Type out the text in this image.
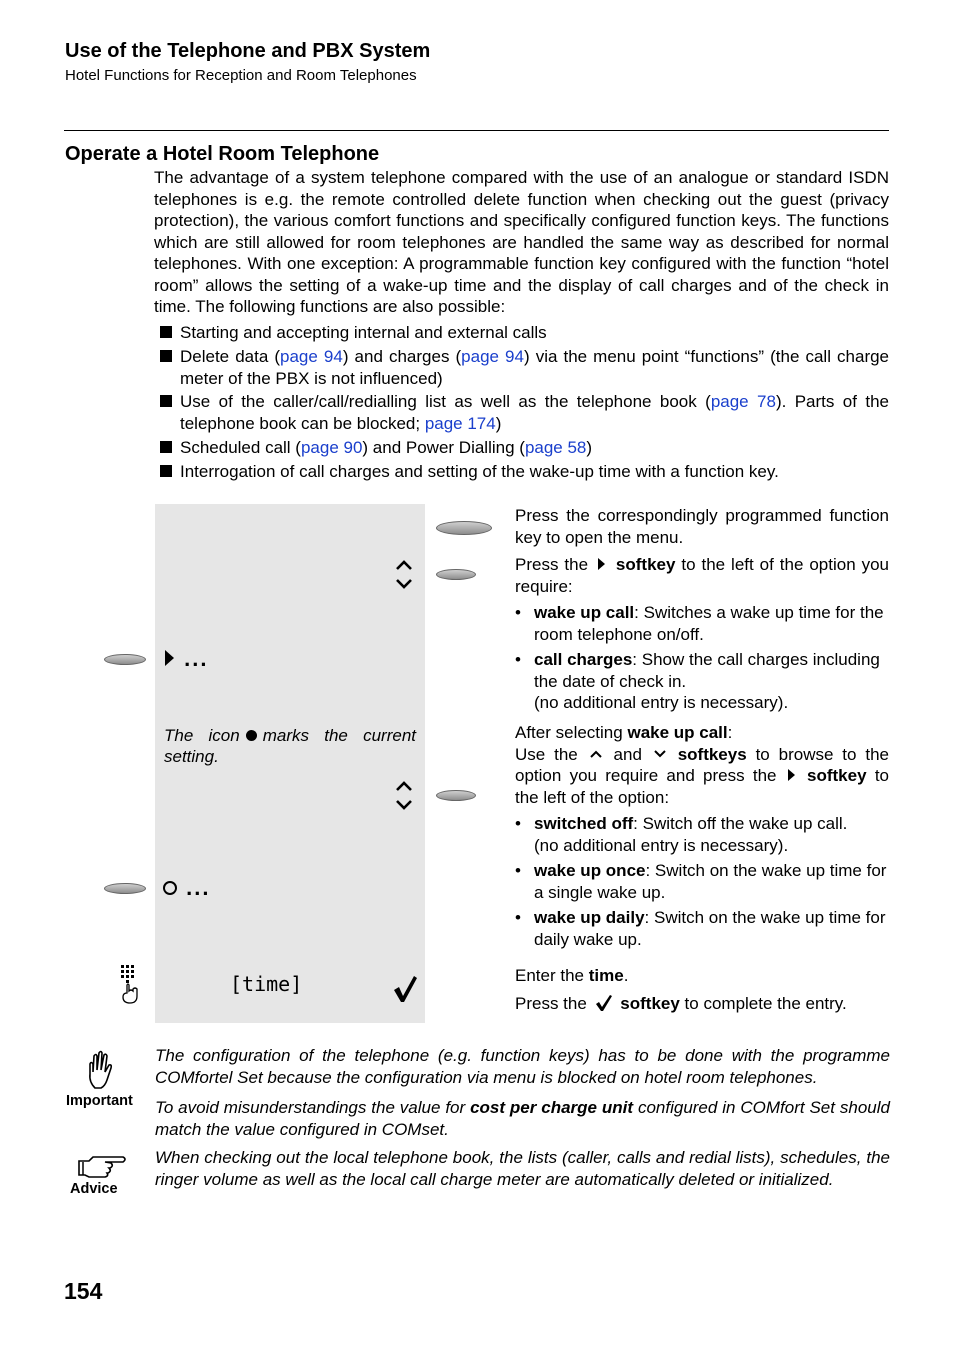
Use of the Telephone and PBX System
Hotel Functions for Reception and Room Telephones
Operate a Hotel Room Telephone
The advantage of a system telephone compared with the use of an analogue or standard ISDN telephones is e.g. the remote controlled delete function when checking out the guest (privacy protection), the various comfort functions and specifically configured function keys. The functions which are still allowed for room telephones are handled the same way as described for normal telephones. With one exception: A programmable function key configured with the function “hotel room” allows the setting of a wake-up time and the display of call charges and of the check in time. The following functions are also possible:
Starting and accepting internal and external calls
Delete data (page 94) and charges (page 94) via the menu point “functions” (the call charge meter of the PBX is not influenced)
Use of the caller/call/redialling list as well as the telephone book (page 78). Parts of the telephone book can be blocked; page 174)
Scheduled call (page 90) and Power Dialling (page 58)
Interrogation of call charges and setting of the wake-up time with a function key.
...
The icon marks the current setting.
...
[time]

Press the correspondingly programmed function key to open the menu.

Press the softkey to the left of the option you require:

• wake up call: Switches a wake up time for the room telephone on/off.
• call charges: Show the call charges including the date of check in.
(no additional entry is necessary).

After selecting wake up call:

Use the and softkeys to browse to the option you require and press the softkey to the left of the option:

• switched off: Switch off the wake up call.
(no additional entry is necessary).
• wake up once: Switch on the wake up time for a single wake up.
• wake up daily: Switch on the wake up time for daily wake up.

Enter the time.

Press the softkey to complete the entry.

Important
The configuration of the telephone (e.g. function keys) has to be done with the programme COMfortel Set because the configuration via menu is blocked on hotel room telephones.
To avoid misunderstandings the value for cost per charge unit configured in COMfort Set should match the value configured in COMset.
Advice
When checking out the local telephone book, the lists (caller, calls and redial lists), schedules, the ringer volume as well as the local call charge meter are automatically deleted or initialized.
154
